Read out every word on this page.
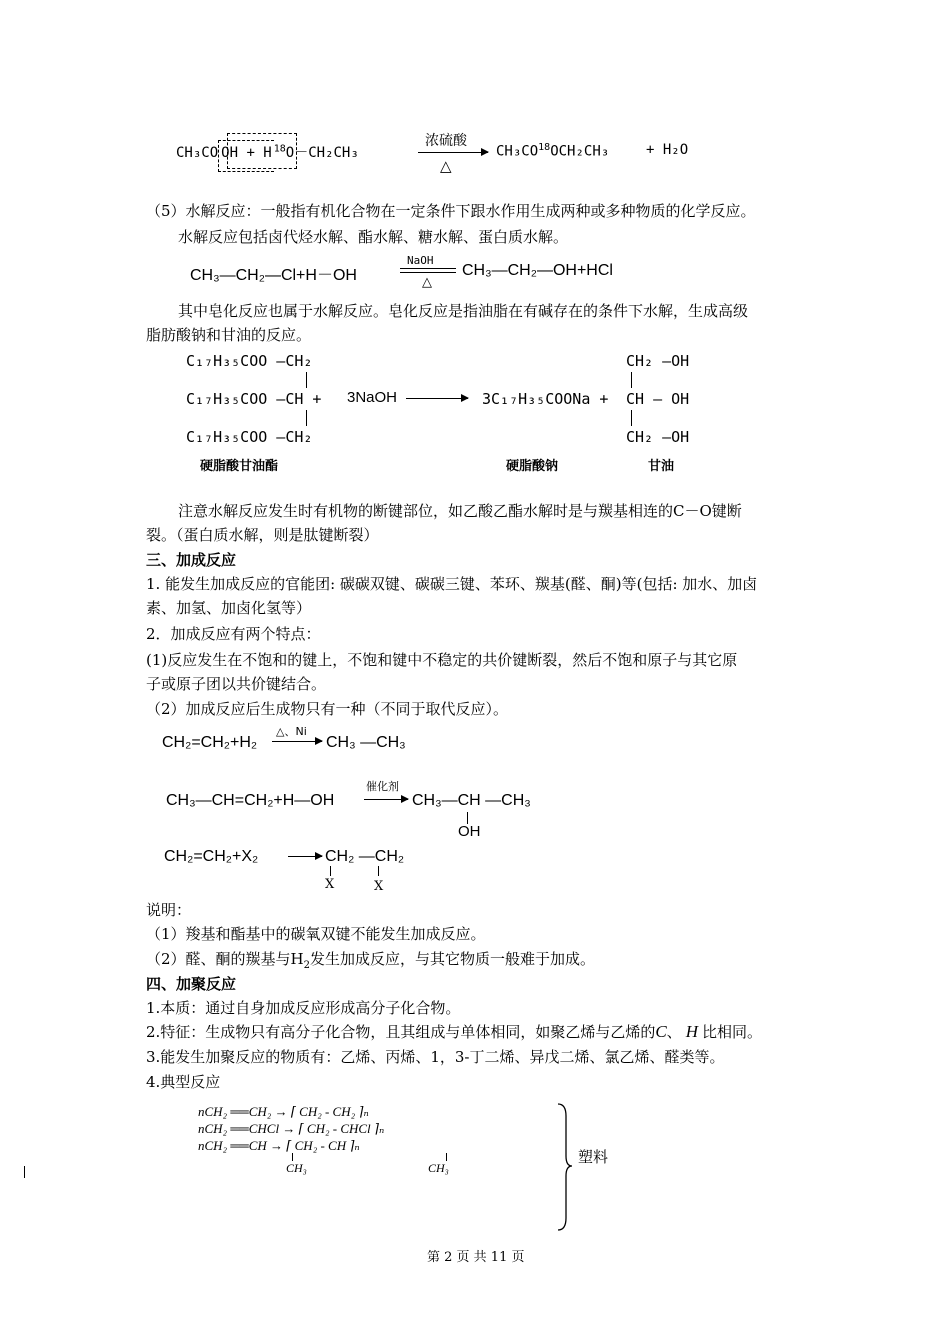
CH₃CO OH + H $^{18}$O－CH₂CH₃
浓硫酸
△
$CH_3CO^{18}OCH_2CH_3$	+ H₂O
（5）水解反应：一般指有机化合物在一定条件下跟水作用生成两种或多种物质的化学反应。
水解反应包括卤代烃水解、酯水解、糖水解、蛋白质水解。
CH₃—CH₂—Cl+H－OH
NaOH
△
CH₃—CH₂—OH+HCl
其中皂化反应也属于水解反应。皂化反应是指油脂在有碱存在的条件下水解，生成高级
脂肪酸钠和甘油的反应。
C₁₇H₃₅COO —CH₂
C₁₇H₃₅COO —CH + 3NaOH →
C₁₇H₃₅COO —CH₂
3C₁₇H₃₅COONa +
CH₂ —OH
CH — OH
CH₂ —OH
硬脂酸甘油酯	硬脂酸钠	甘油
注意水解反应发生时有机物的断键部位，如乙酸乙酯水解时是与羰基相连的C－O键断
裂。（蛋白质水解，则是肽键断裂）
三、加成反应
1. 能发生加成反应的官能团: 碳碳双键、碳碳三键、苯环、羰基(醛、酮)等(包括: 加水、加卤
素、加氢、加卤化氢等）
2．加成反应有两个特点：
(1)反应发生在不饱和的键上，不饱和键中不稳定的共价键断裂，然后不饱和原子与其它原
子或原子团以共价键结合。
（2）加成反应后生成物只有一种（不同于取代反应）。
CH₂=CH₂+H₂
△、Ni
→ CH₃ —CH₃
CH₃—CH=CH₂+H—OH
催化剂
→ CH₃—CH —CH₃
OH
CH₂=CH₂+X₂ → CH₂ —CH₂
X	X
说明：
（1）羧基和酯基中的碳氧双键不能发生加成反应。
（2）醛、酮的羰基与$H_2$发生加成反应，与其它物质一般难于加成。
四、加聚反应
1.本质：通过自身加成反应形成高分子化合物。
2.特征：生成物只有高分子化合物，且其组成与单体相同，如聚乙烯与乙烯的C、 H 比相同。
3.能发生加聚反应的物质有：乙烯、丙烯、1，3-丁二烯、异戊二烯、氯乙烯、醛类等。
4.典型反应
nCH₂ ══CH₂ → ⌈ CH₂ - CH₂ ⌉ₙ
nCH₂ ══CHCl → ⌈ CH₂ - CHCl ⌉ₙ
nCH₂ ══CH → ⌈ CH₂ - CH ⌉ₙ
CH₃	CH₃
塑料
第 2 页 共 11 页
